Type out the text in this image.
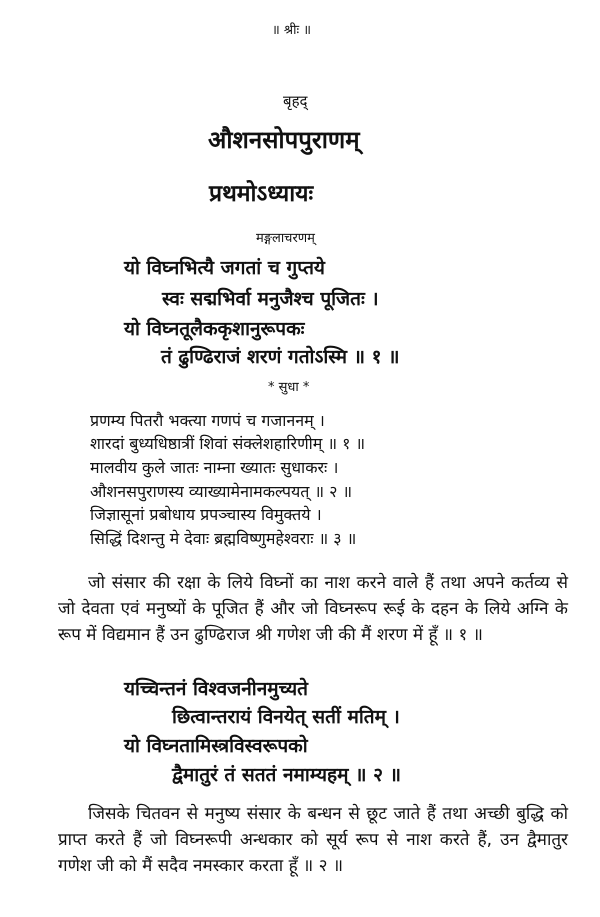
॥ श्रीः ॥
बृहद्
औशनसोपपुराणम्
प्रथमोऽध्यायः
मङ्गलाचरणम्
यो विघ्नभित्यै जगतां च गुप्तये
स्वः सद्मभिर्वा मनुजैश्च पूजितः ।
यो विघ्नतूलैककृशानुरूपकः
तं ढुण्ढिराजं शरणं गतोऽस्मि ॥ १ ॥
* सुधा *
प्रणम्य पितरौ भक्त्या गणपं च गजाननम् ।
शारदां बुध्यधिष्ठात्रीं शिवां संक्लेशहारिणीम् ॥ १ ॥
मालवीय कुले जातः नाम्ना ख्यातः सुधाकरः ।
औशनसपुराणस्य व्याख्यामेनामकल्पयत् ॥ २ ॥
जिज्ञासूनां प्रबोधाय प्रपञ्चास्य विमुक्तये ।
सिद्धिं दिशन्तु मे देवाः ब्रह्मविष्णुमहेश्वराः ॥ ३ ॥
जो संसार की रक्षा के लिये विघ्नों का नाश करने वाले हैं तथा अपने कर्तव्य से जो देवता एवं मनुष्यों के पूजित हैं और जो विघ्नरूप रूई के दहन के लिये अग्नि के रूप में विद्यमान हैं उन ढुण्ढिराज श्री गणेश जी की मैं शरण में हूँ ॥ १ ॥
यच्चिन्तनं विश्वजनीनमुच्यते
छित्वान्तरायं विनयेत् सतीं मतिम् ।
यो विघ्नतामिस्त्रविस्वरूपको
द्वैमातुरं तं सततं नमाम्यहम् ॥ २ ॥
जिसके चितवन से मनुष्य संसार के बन्धन से छूट जाते हैं तथा अच्छी बुद्धि को प्राप्त करते हैं जो विघ्नरूपी अन्धकार को सूर्य रूप से नाश करते हैं, उन द्वैमातुर गणेश जी को मैं सदैव नमस्कार करता हूँ ॥ २ ॥
